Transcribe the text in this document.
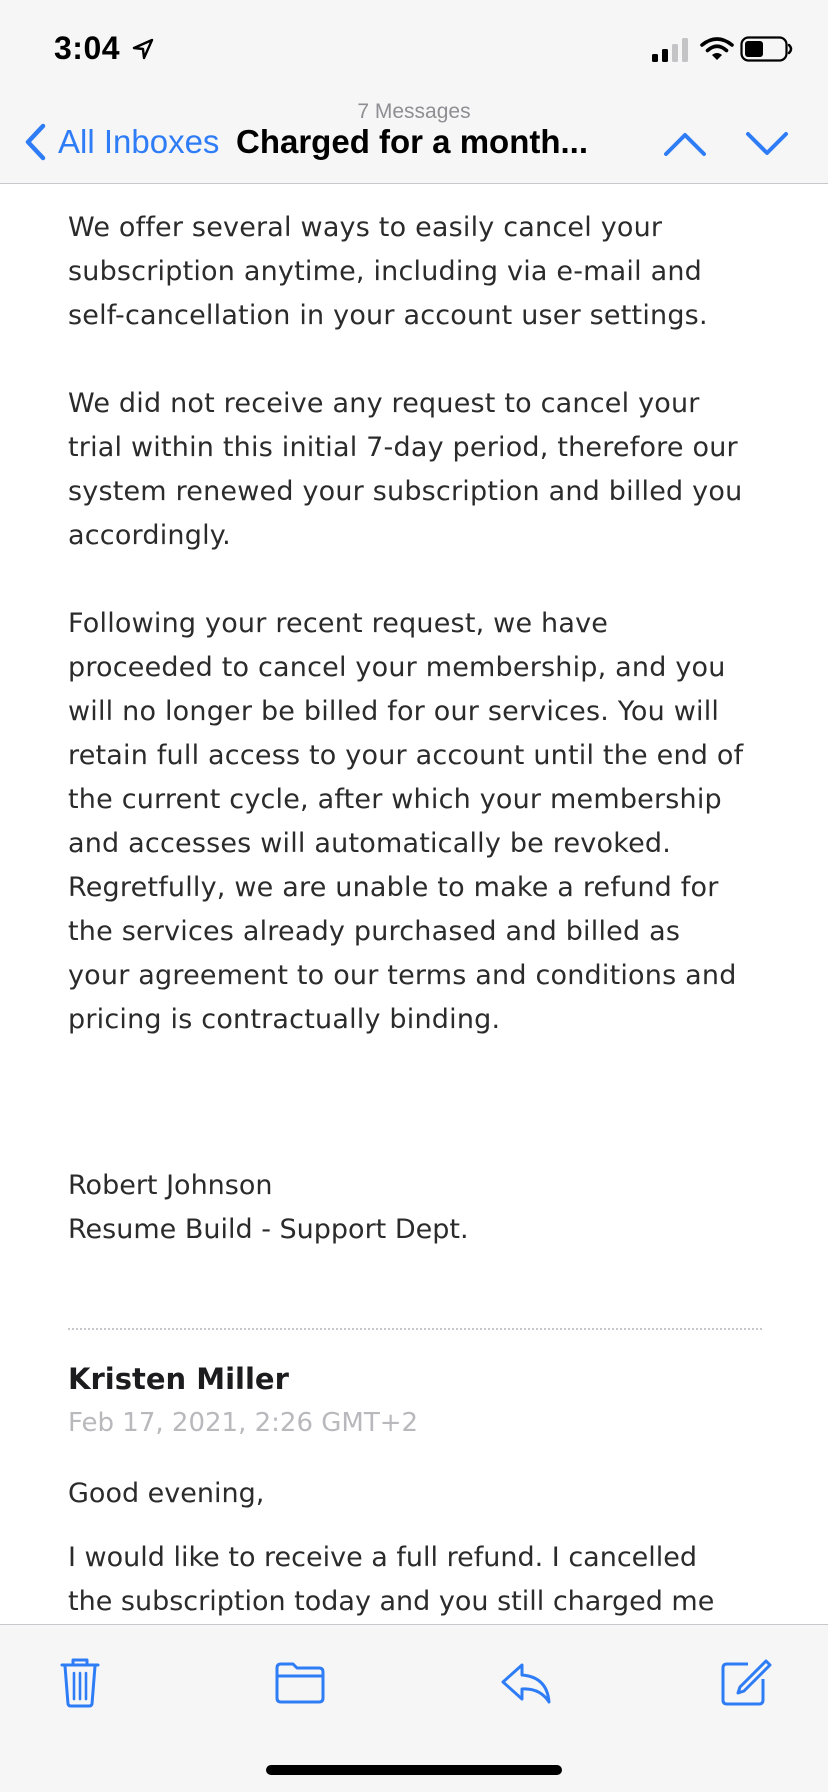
3:04
7 Messages
All Inboxes Charged for a month...
We offer several ways to easily cancel your
subscription anytime, including via e-mail and
self-cancellation in your account user settings.
We did not receive any request to cancel your
trial within this initial 7-day period, therefore our
system renewed your subscription and billed you
accordingly.
Following your recent request, we have
proceeded to cancel your membership, and you
will no longer be billed for our services. You will
retain full access to your account until the end of
the current cycle, after which your membership
and accesses will automatically be revoked.
Regretfully, we are unable to make a refund for
the services already purchased and billed as
your agreement to our terms and conditions and
pricing is contractually binding.
Robert Johnson
Resume Build - Support Dept.
Kristen Miller
Feb 17, 2021, 2:26 GMT+2
Good evening,
I would like to receive a full refund. I cancelled
the subscription today and you still charged me
